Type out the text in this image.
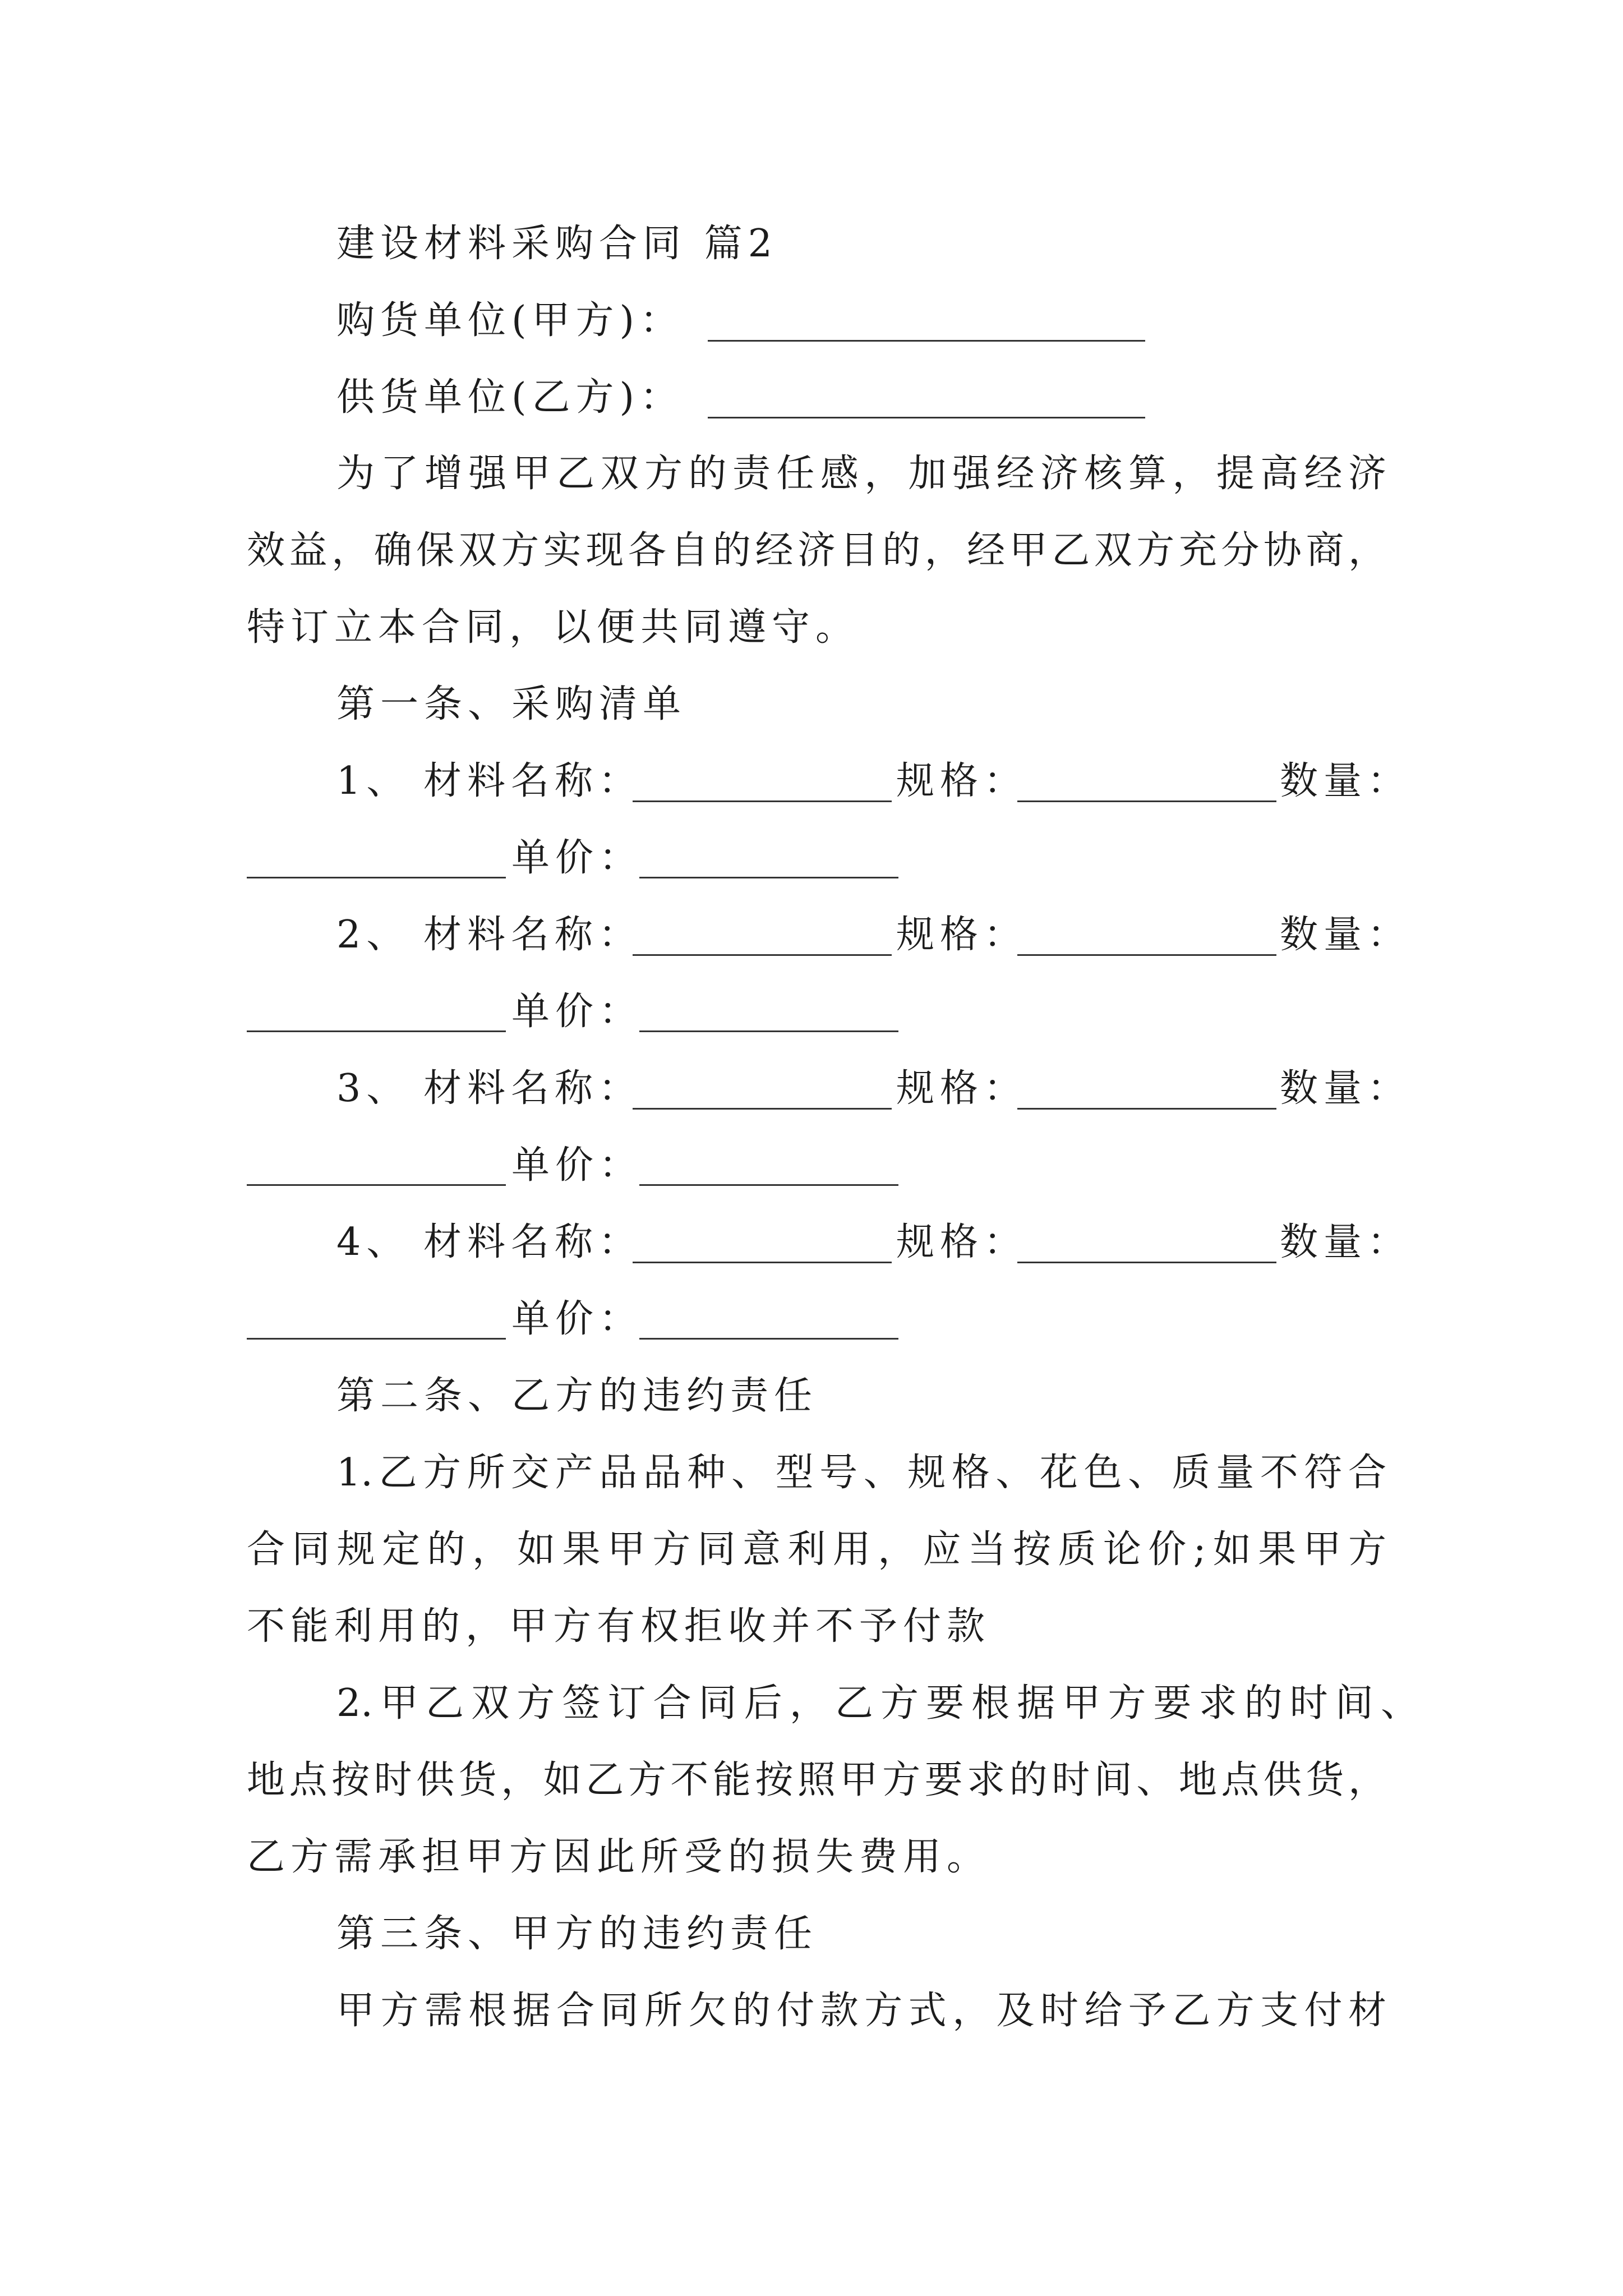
建设材料采购合同 篇2
购货单位(甲方)：
供货单位(乙方)：
为了增强甲乙双方的责任感，加强经济核算，提高经济
效益，确保双方实现各自的经济目的，经甲乙双方充分协商，
特订立本合同，以便共同遵守。
第一条、采购清单
1、 材料名称：	规格：	数量：
单价：
2、 材料名称：	规格：	数量：
单价：
3、 材料名称：	规格：	数量：
单价：
4、 材料名称：	规格：	数量：
单价：
第二条、乙方的违约责任
1.乙方所交产品品种、型号、规格、花色、质量不符合
合同规定的，如果甲方同意利用，应当按质论价;如果甲方
不能利用的，甲方有权拒收并不予付款
2.甲乙双方签订合同后，乙方要根据甲方要求的时间、
地点按时供货，如乙方不能按照甲方要求的时间、地点供货，
乙方需承担甲方因此所受的损失费用。
第三条、甲方的违约责任
甲方需根据合同所欠的付款方式，及时给予乙方支付材
